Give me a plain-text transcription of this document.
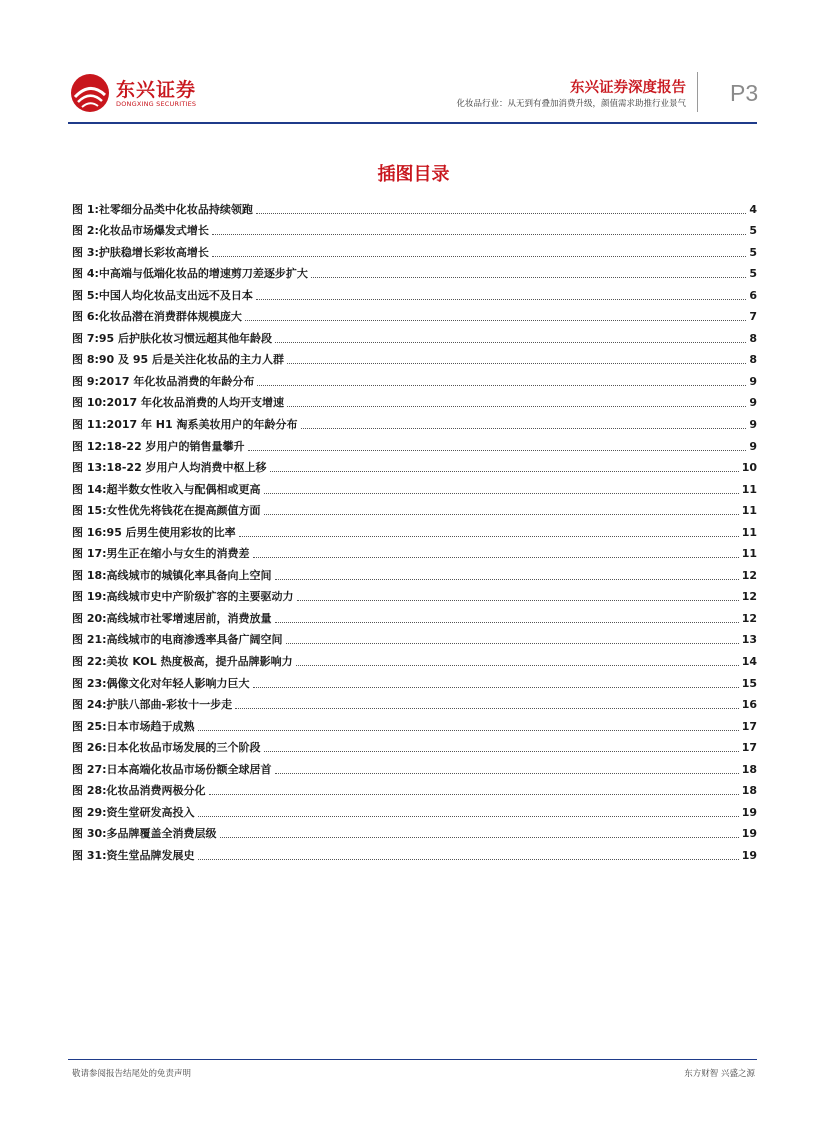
东兴证券
DONGXING SECURITIES
东兴证券深度报告
化妆品行业：从无到有叠加消费升级，颜值需求助推行业景气 P3
插图目录
图 1:社零细分品类中化妆品持续领跑	4
图 2:化妆品市场爆发式增长	5
图 3:护肤稳增长彩妆高增长	5
图 4:中高端与低端化妆品的增速剪刀差逐步扩大	5
图 5:中国人均化妆品支出远不及日本	6
图 6:化妆品潜在消费群体规模庞大	7
图 7:95 后护肤化妆习惯远超其他年龄段	8
图 8:90 及 95 后是关注化妆品的主力人群	8
图 9:2017 年化妆品消费的年龄分布	9
图 10:2017 年化妆品消费的人均开支增速	9
图 11:2017 年 H1 淘系美妆用户的年龄分布	9
图 12:18-22 岁用户的销售量攀升	9
图 13:18-22 岁用户人均消费中枢上移	10
图 14:超半数女性收入与配偶相或更高	11
图 15:女性优先将钱花在提高颜值方面	11
图 16:95 后男生使用彩妆的比率	11
图 17:男生正在缩小与女生的消费差	11
图 18:高线城市的城镇化率具备向上空间	12
图 19:高线城市史中产阶级扩容的主要驱动力	12
图 20:高线城市社零增速居前，消费放量	12
图 21:高线城市的电商渗透率具备广阔空间	13
图 22:美妆 KOL 热度极高，提升品牌影响力	14
图 23:偶像文化对年轻人影响力巨大	15
图 24:护肤八部曲-彩妆十一步走	16
图 25:日本市场趋于成熟	17
图 26:日本化妆品市场发展的三个阶段	17
图 27:日本高端化妆品市场份额全球居首	18
图 28:化妆品消费两极分化	18
图 29:资生堂研发高投入	19
图 30:多品牌覆盖全消费层级	19
图 31:资生堂品牌发展史	19
敬请参阅报告结尾处的免责声明	东方财智 兴盛之源
